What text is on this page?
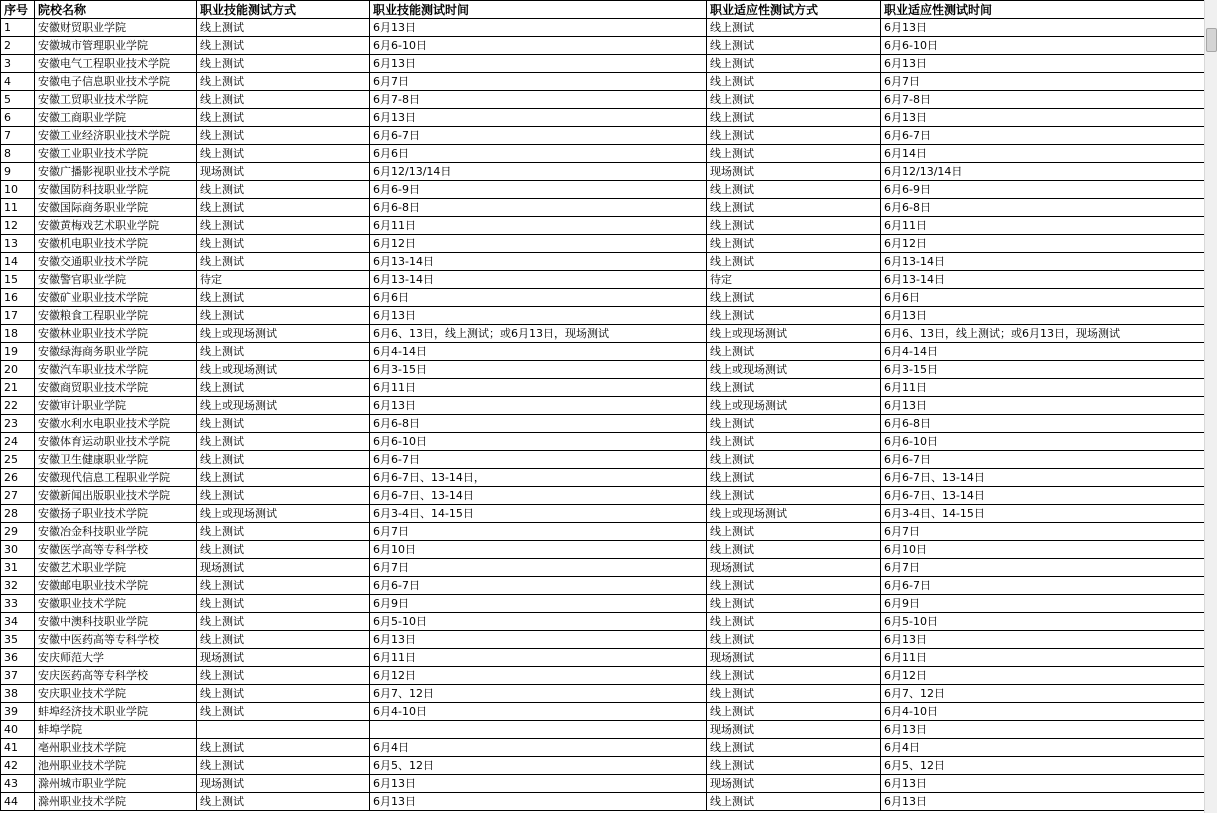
序号	院校名称	职业技能测试方式	职业技能测试时间	职业适应性测试方式	职业适应性测试时间
1	安徽财贸职业学院	线上测试	6月13日	线上测试	6月13日
2	安徽城市管理职业学院	线上测试	6月6-10日	线上测试	6月6-10日
3	安徽电气工程职业技术学院	线上测试	6月13日	线上测试	6月13日
4	安徽电子信息职业技术学院	线上测试	6月7日	线上测试	6月7日
5	安徽工贸职业技术学院	线上测试	6月7-8日	线上测试	6月7-8日
6	安徽工商职业学院	线上测试	6月13日	线上测试	6月13日
7	安徽工业经济职业技术学院	线上测试	6月6-7日	线上测试	6月6-7日
8	安徽工业职业技术学院	线上测试	6月6日	线上测试	6月14日
9	安徽广播影视职业技术学院	现场测试	6月12/13/14日	现场测试	6月12/13/14日
10	安徽国防科技职业学院	线上测试	6月6-9日	线上测试	6月6-9日
11	安徽国际商务职业学院	线上测试	6月6-8日	线上测试	6月6-8日
12	安徽黄梅戏艺术职业学院	线上测试	6月11日	线上测试	6月11日
13	安徽机电职业技术学院	线上测试	6月12日	线上测试	6月12日
14	安徽交通职业技术学院	线上测试	6月13-14日	线上测试	6月13-14日
15	安徽警官职业学院	待定	6月13-14日	待定	6月13-14日
16	安徽矿业职业技术学院	线上测试	6月6日	线上测试	6月6日
17	安徽粮食工程职业学院	线上测试	6月13日	线上测试	6月13日
18	安徽林业职业技术学院	线上或现场测试	6月6、13日，线上测试；或6月13日，现场测试	线上或现场测试	6月6、13日，线上测试；或6月13日，现场测试
19	安徽绿海商务职业学院	线上测试	6月4-14日	线上测试	6月4-14日
20	安徽汽车职业技术学院	线上或现场测试	6月3-15日	线上或现场测试	6月3-15日
21	安徽商贸职业技术学院	线上测试	6月11日	线上测试	6月11日
22	安徽审计职业学院	线上或现场测试	6月13日	线上或现场测试	6月13日
23	安徽水利水电职业技术学院	线上测试	6月6-8日	线上测试	6月6-8日
24	安徽体育运动职业技术学院	线上测试	6月6-10日	线上测试	6月6-10日
25	安徽卫生健康职业学院	线上测试	6月6-7日	线上测试	6月6-7日
26	安徽现代信息工程职业学院	线上测试	6月6-7日、13-14日，	线上测试	6月6-7日、13-14日
27	安徽新闻出版职业技术学院	线上测试	6月6-7日、13-14日	线上测试	6月6-7日、13-14日
28	安徽扬子职业技术学院	线上或现场测试	6月3-4日、14-15日	线上或现场测试	6月3-4日、14-15日
29	安徽冶金科技职业学院	线上测试	6月7日	线上测试	6月7日
30	安徽医学高等专科学校	线上测试	6月10日	线上测试	6月10日
31	安徽艺术职业学院	现场测试	6月7日	现场测试	6月7日
32	安徽邮电职业技术学院	线上测试	6月6-7日	线上测试	6月6-7日
33	安徽职业技术学院	线上测试	6月9日	线上测试	6月9日
34	安徽中澳科技职业学院	线上测试	6月5-10日	线上测试	6月5-10日
35	安徽中医药高等专科学校	线上测试	6月13日	线上测试	6月13日
36	安庆师范大学	现场测试	6月11日	现场测试	6月11日
37	安庆医药高等专科学校	线上测试	6月12日	线上测试	6月12日
38	安庆职业技术学院	线上测试	6月7、12日	线上测试	6月7、12日
39	蚌埠经济技术职业学院	线上测试	6月4-10日	线上测试	6月4-10日
40	蚌埠学院			现场测试	6月13日
41	亳州职业技术学院	线上测试	6月4日	线上测试	6月4日
42	池州职业技术学院	线上测试	6月5、12日	线上测试	6月5、12日
43	滁州城市职业学院	现场测试	6月13日	现场测试	6月13日
44	滁州职业技术学院	线上测试	6月13日	线上测试	6月13日
